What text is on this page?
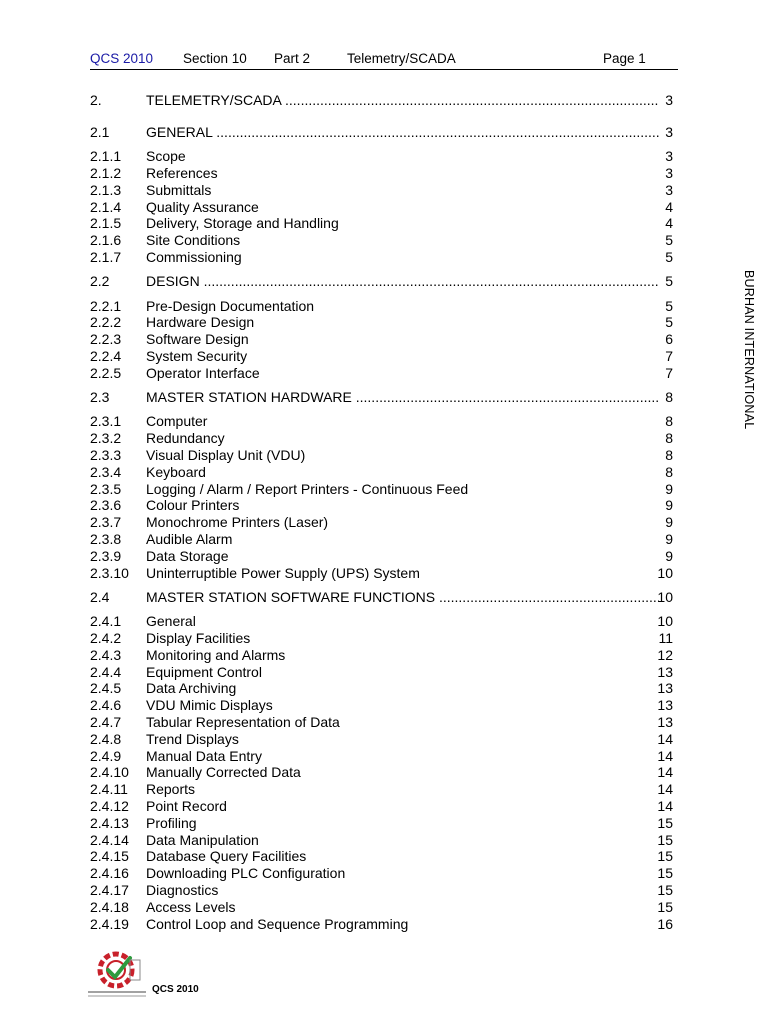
QCS 2010 Section 10 Part 2	Telemetry/SCADA	Page 1
2.	TELEMETRY/SCADA .....	3
2.1	GENERAL .....	3
2.1.1 Scope	3
2.1.2 References	3
2.1.3 Submittals	3
2.1.4 Quality Assurance	4
2.1.5 Delivery, Storage and Handling	4
2.1.6 Site Conditions	5
2.1.7 Commissioning	5
2.2	DESIGN .....	5
2.2.1 Pre-Design Documentation	5
2.2.2 Hardware Design	5
2.2.3 Software Design	6
2.2.4 System Security	7
2.2.5 Operator Interface	7
2.3	MASTER STATION HARDWARE .....	8
2.3.1 Computer	8
2.3.2 Redundancy	8
2.3.3 Visual Display Unit (VDU)	8
2.3.4 Keyboard	8
2.3.5 Logging / Alarm / Report Printers - Continuous Feed	9
2.3.6 Colour Printers	9
2.3.7 Monochrome Printers (Laser)	9
2.3.8 Audible Alarm	9
2.3.9 Data Storage	9
2.3.10 Uninterruptible Power Supply (UPS) System	10
2.4	MASTER STATION SOFTWARE FUNCTIONS .....	10
2.4.1 General	10
2.4.2 Display Facilities	11
2.4.3 Monitoring and Alarms	12
2.4.4 Equipment Control	13
2.4.5 Data Archiving	13
2.4.6 VDU Mimic Displays	13
2.4.7 Tabular Representation of Data	13
2.4.8 Trend Displays	14
2.4.9 Manual Data Entry	14
2.4.10 Manually Corrected Data	14
2.4.11 Reports	14
2.4.12 Point Record	14
2.4.13 Profiling	15
2.4.14 Data Manipulation	15
2.4.15 Database Query Facilities	15
2.4.16 Downloading PLC Configuration	15
2.4.17 Diagnostics	15
2.4.18 Access Levels	15
2.4.19 Control Loop and Sequence Programming	16
BURHAN INTERNATIONAL
QCS 2010
